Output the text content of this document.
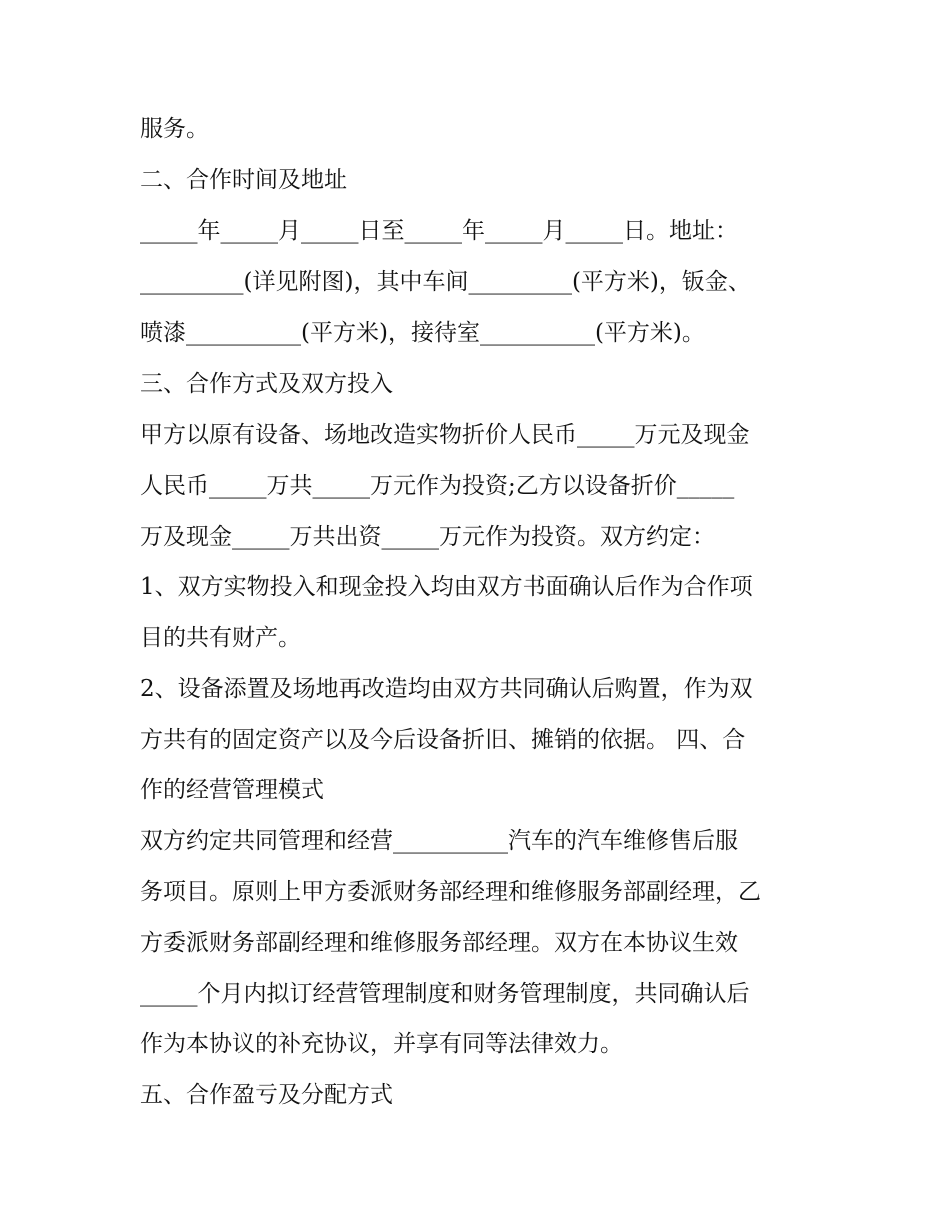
服务。
二、合作时间及地址
_____年_____月_____日至_____年_____月_____日。地址：
_________(详见附图)，其中车间_________(平方米)，钣金、
喷漆__________(平方米)，接待室__________(平方米)。
三、合作方式及双方投入
甲方以原有设备、场地改造实物折价人民币_____万元及现金
人民币_____万共_____万元作为投资;乙方以设备折价_____
万及现金_____万共出资_____万元作为投资。双方约定：
1、双方实物投入和现金投入均由双方书面确认后作为合作项
目的共有财产。
2、设备添置及场地再改造均由双方共同确认后购置，作为双
方共有的固定资产以及今后设备折旧、摊销的依据。 四、合
作的经营管理模式
双方约定共同管理和经营__________汽车的汽车维修售后服
务项目。原则上甲方委派财务部经理和维修服务部副经理，乙
方委派财务部副经理和维修服务部经理。双方在本协议生效
_____个月内拟订经营管理制度和财务管理制度，共同确认后
作为本协议的补充协议，并享有同等法律效力。
五、合作盈亏及分配方式
